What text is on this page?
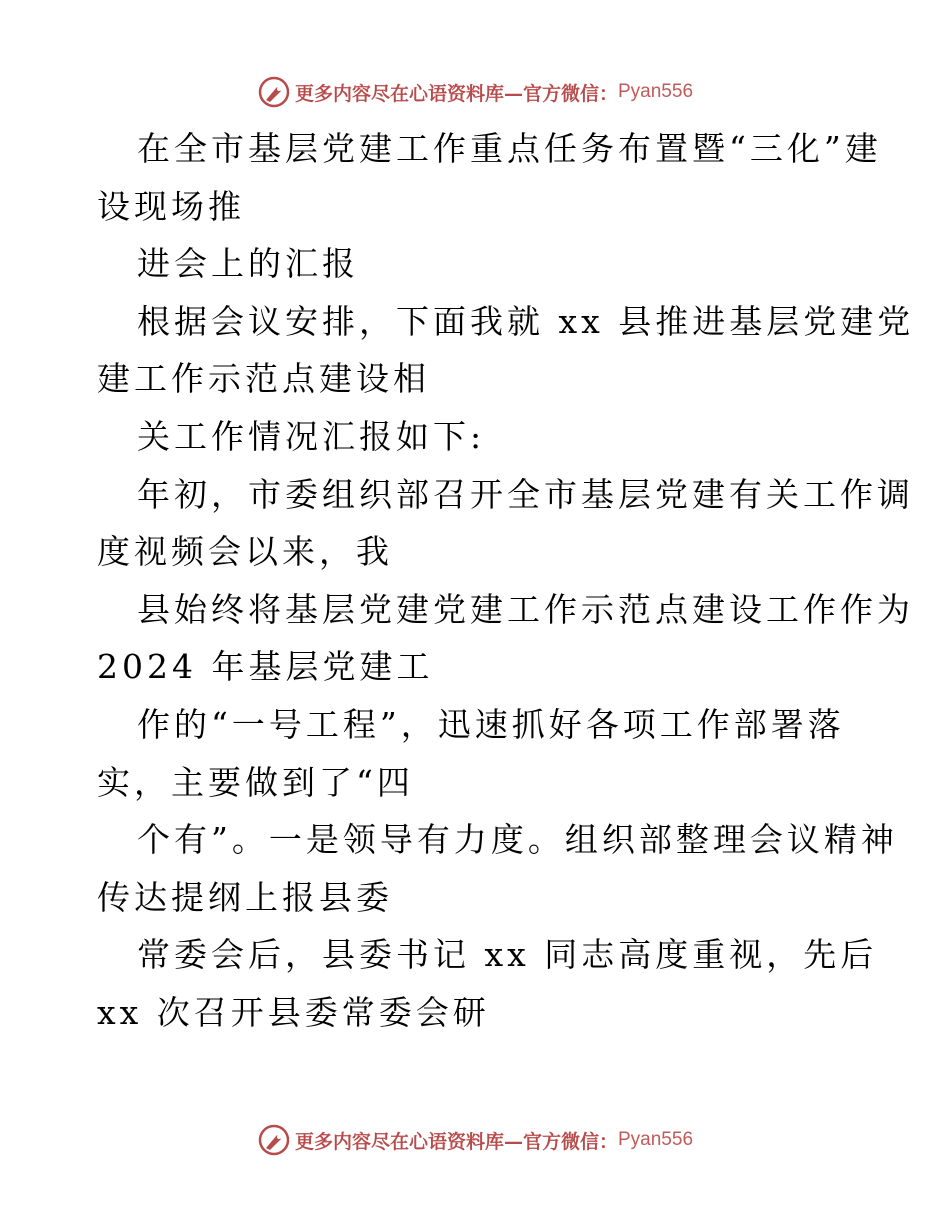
更多内容尽在心语资料库—官方微信： Pyan556
在全市基层党建工作重点任务布置暨“三化”建
设现场推
进会上的汇报
根据会议安排，下面我就 xx 县推进基层党建党
建工作示范点建设相
关工作情况汇报如下:
年初，市委组织部召开全市基层党建有关工作调
度视频会以来，我
县始终将基层党建党建工作示范点建设工作作为
2024 年基层党建工
作的“一号工程”，迅速抓好各项工作部署落
实，主要做到了“四
个有”。一是领导有力度。组织部整理会议精神
传达提纲上报县委
常委会后，县委书记 xx 同志高度重视，先后
xx 次召开县委常委会研
更多内容尽在心语资料库—官方微信： Pyan556
